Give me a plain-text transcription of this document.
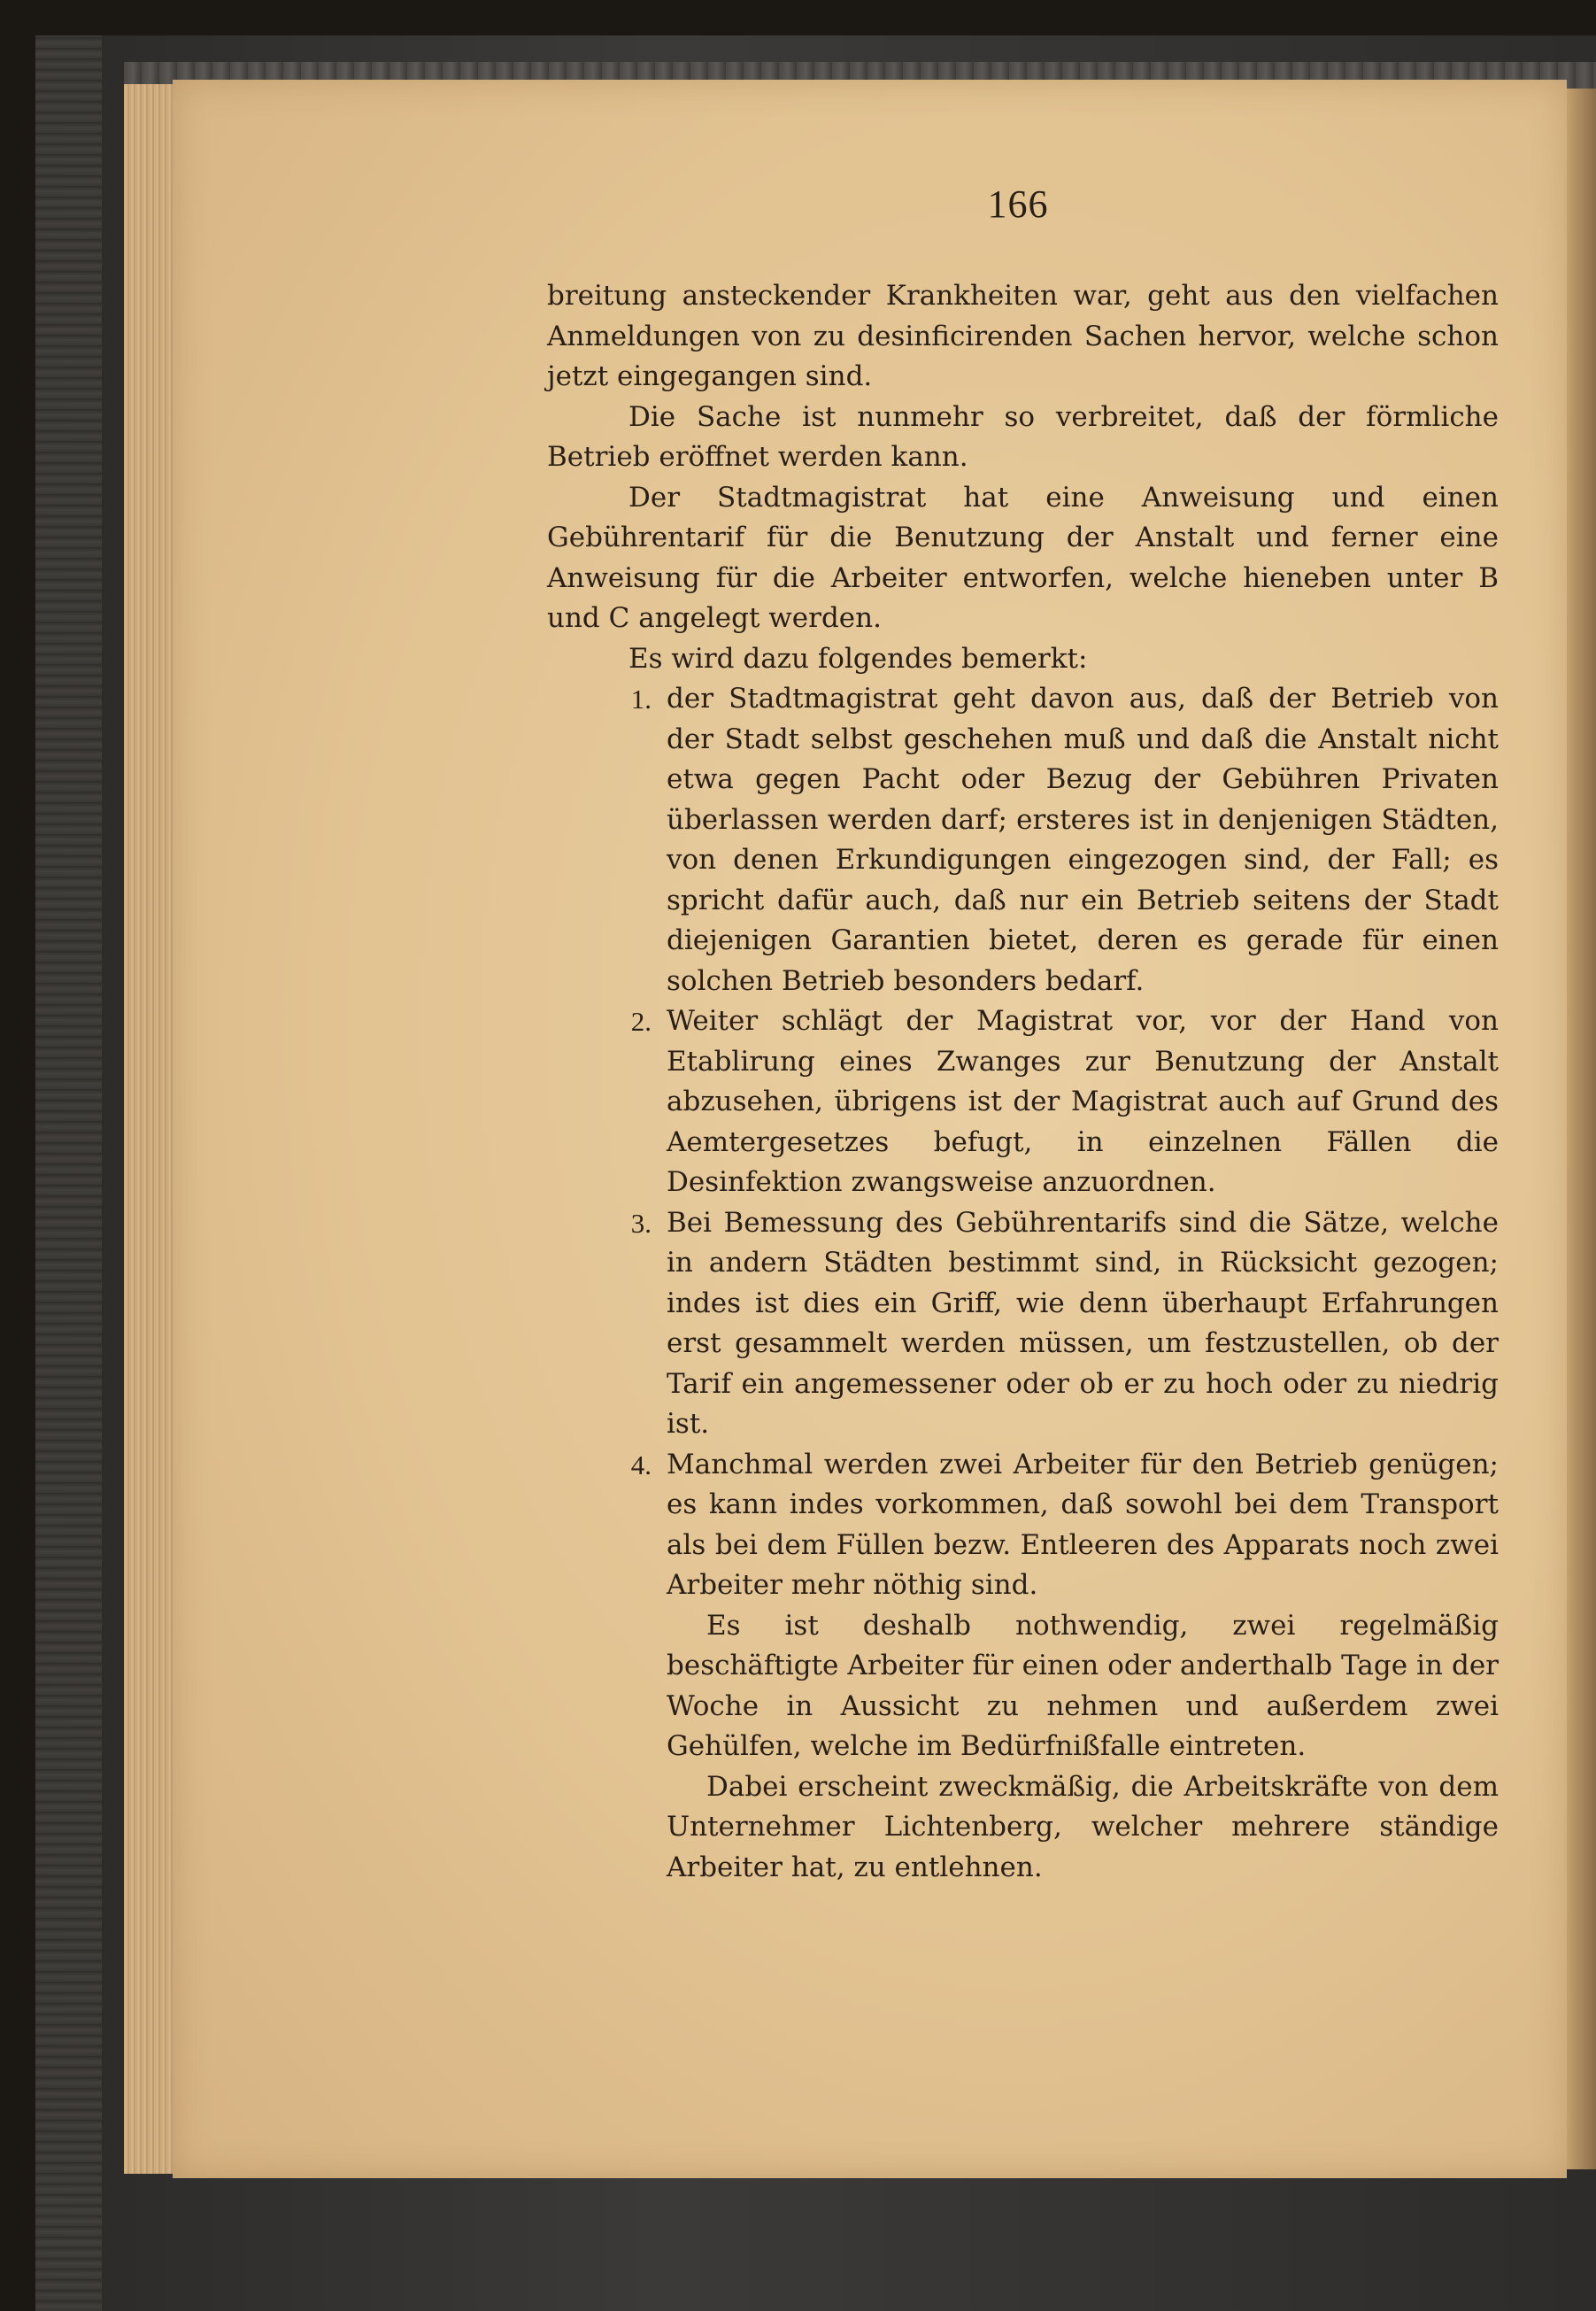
166

breitung ansteckender Krankheiten war, geht aus den vielfachen Anmeldungen von zu desinficirenden Sachen hervor, welche schon jetzt eingegangen sind.

Die Sache ist nunmehr so verbreitet, daß der förmliche Betrieb eröffnet werden kann.

Der Stadtmagistrat hat eine Anweisung und einen Gebührentarif für die Benutzung der Anstalt und ferner eine Anweisung für die Arbeiter entworfen, welche hieneben unter B und C angelegt werden.

Es wird dazu folgendes bemerkt:

1. der Stadtmagistrat geht davon aus, daß der Betrieb von der Stadt selbst geschehen muß und daß die Anstalt nicht etwa gegen Pacht oder Bezug der Gebühren Privaten überlassen werden darf; ersteres ist in denjenigen Städten, von denen Erkundigungen eingezogen sind, der Fall; es spricht dafür auch, daß nur ein Betrieb seitens der Stadt diejenigen Garantien bietet, deren es gerade für einen solchen Betrieb besonders bedarf.
2. Weiter schlägt der Magistrat vor, vor der Hand von Etablirung eines Zwanges zur Benutzung der Anstalt abzusehen, übrigens ist der Magistrat auch auf Grund des Aemtergesetzes befugt, in einzelnen Fällen die Desinfektion zwangsweise anzuordnen.
3. Bei Bemessung des Gebührentarifs sind die Sätze, welche in andern Städten bestimmt sind, in Rücksicht gezogen; indes ist dies ein Griff, wie denn überhaupt Erfahrungen erst gesammelt werden müssen, um festzustellen, ob der Tarif ein angemessener oder ob er zu hoch oder zu niedrig ist.
4. Manchmal werden zwei Arbeiter für den Betrieb genügen; es kann indes vorkommen, daß sowohl bei dem Transport als bei dem Füllen bezw. Entleeren des Apparats noch zwei Arbeiter mehr nöthig sind.
Es ist deshalb nothwendig, zwei regelmäßig beschäftigte Arbeiter für einen oder anderthalb Tage in der Woche in Aussicht zu nehmen und außerdem zwei Gehülfen, welche im Bedürfnißfalle eintreten.
Dabei erscheint zweckmäßig, die Arbeitskräfte von dem Unternehmer Lichtenberg, welcher mehrere ständige Arbeiter hat, zu entlehnen.
